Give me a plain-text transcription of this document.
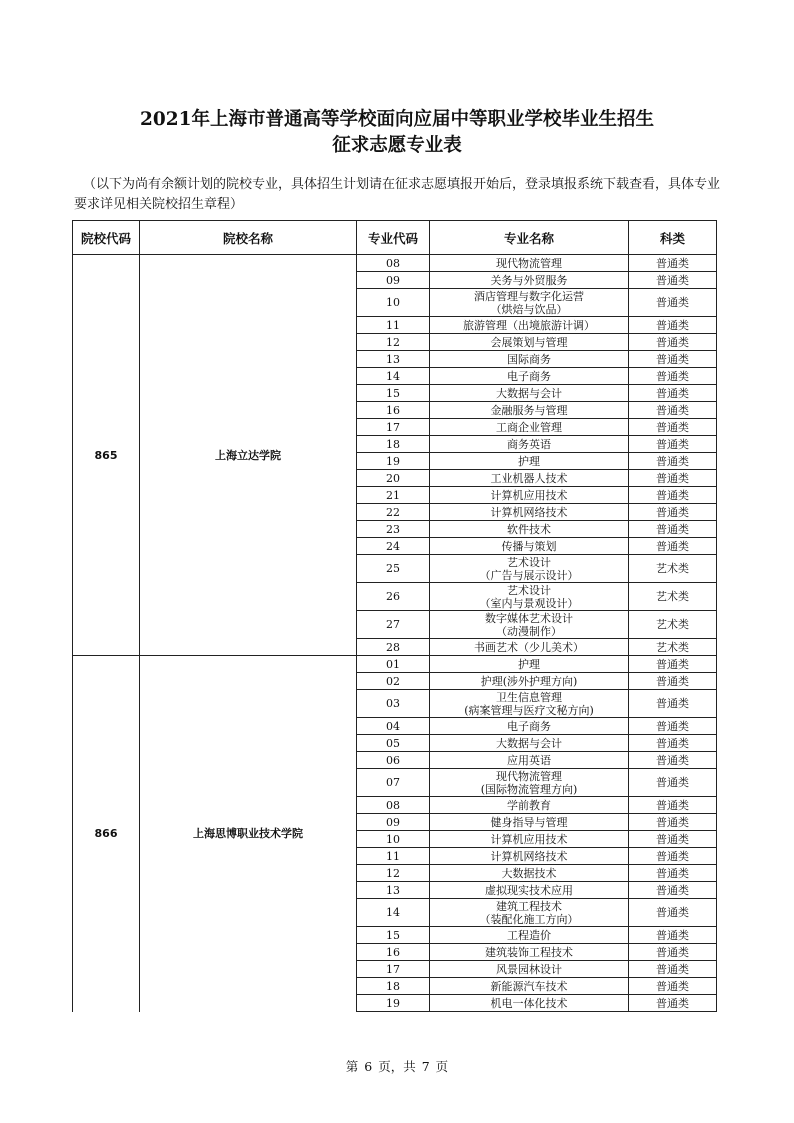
2021年上海市普通高等学校面向应届中等职业学校毕业生招生
征求志愿专业表
（以下为尚有余额计划的院校专业，具体招生计划请在征求志愿填报开始后，登录填报系统下载查看，具体专业要求详见相关院校招生章程）
院校代码	院校名称	专业代码	专业名称	科类
865	上海立达学院	08	现代物流管理	普通类
		09	关务与外贸服务	普通类
		10	酒店管理与数字化运营
（烘焙与饮品）	普通类
		11	旅游管理（出境旅游计调）	普通类
		12	会展策划与管理	普通类
		13	国际商务	普通类
		14	电子商务	普通类
		15	大数据与会计	普通类
		16	金融服务与管理	普通类
		17	工商企业管理	普通类
		18	商务英语	普通类
		19	护理	普通类
		20	工业机器人技术	普通类
		21	计算机应用技术	普通类
		22	计算机网络技术	普通类
		23	软件技术	普通类
		24	传播与策划	普通类
		25	艺术设计
（广告与展示设计）	艺术类
		26	艺术设计
（室内与景观设计）	艺术类
		27	数字媒体艺术设计
（动漫制作）	艺术类
		28	书画艺术（少儿美术）	艺术类
866	上海思博职业技术学院	01	护理	普通类
		02	护理(涉外护理方向)	普通类
		03	卫生信息管理
(病案管理与医疗文秘方向)	普通类
		04	电子商务	普通类
		05	大数据与会计	普通类
		06	应用英语	普通类
		07	现代物流管理
(国际物流管理方向)	普通类
		08	学前教育	普通类
		09	健身指导与管理	普通类
		10	计算机应用技术	普通类
		11	计算机网络技术	普通类
		12	大数据技术	普通类
		13	虚拟现实技术应用	普通类
		14	建筑工程技术
（装配化施工方向）	普通类
		15	工程造价	普通类
		16	建筑装饰工程技术	普通类
		17	风景园林设计	普通类
		18	新能源汽车技术	普通类
		19	机电一体化技术	普通类
第 6 页，共 7 页
